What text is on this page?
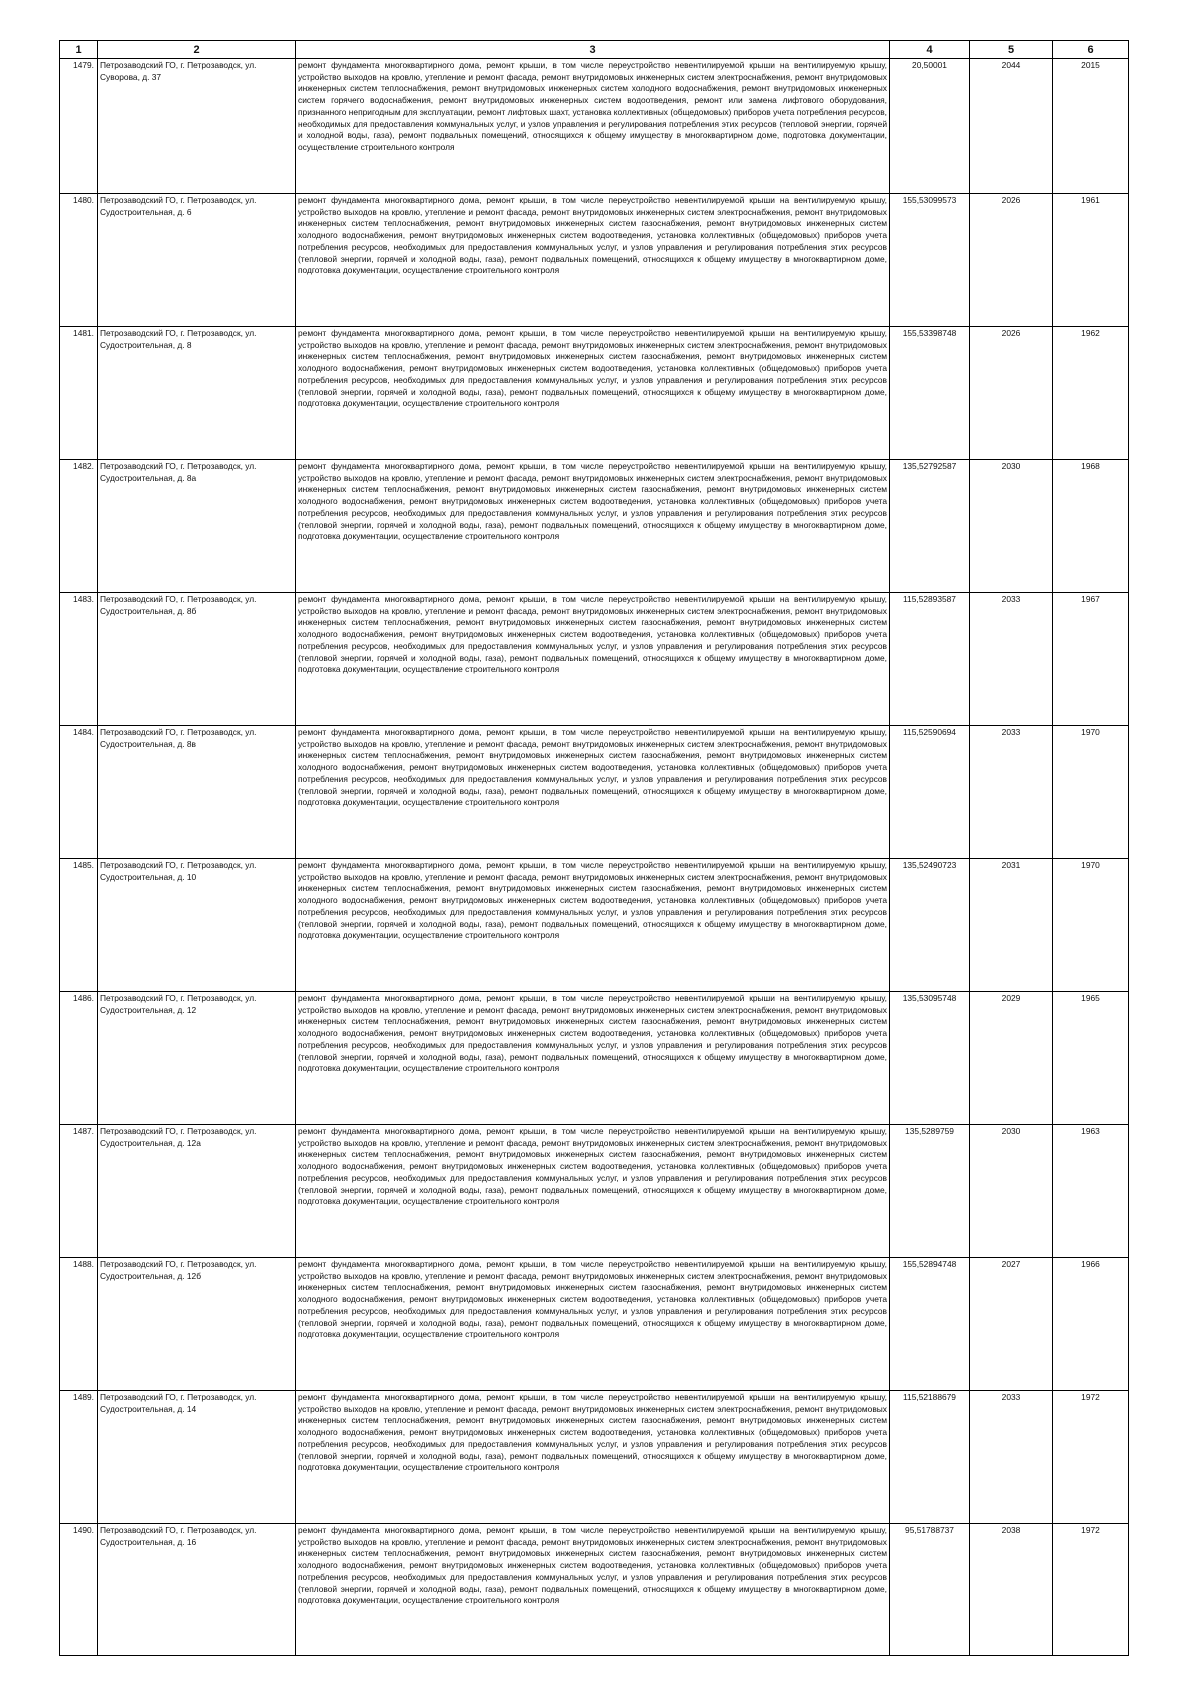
1	2	3	4	5	6
1479.	Петрозаводский ГО, г. Петрозаводск, ул. Суворова, д. 37	ремонт фундамента многоквартирного дома, ремонт крыши, в том числе переустройство невентилируемой крыши на вентилируемую крышу, устройство выходов на кровлю, утепление и ремонт фасада, ремонт внутридомовых инженерных систем электроснабжения, ремонт внутридомовых инженерных систем теплоснабжения, ремонт внутридомовых инженерных систем холодного водоснабжения, ремонт внутридомовых инженерных систем горячего водоснабжения, ремонт внутридомовых инженерных систем водоотведения, ремонт или замена лифтового оборудования, признанного непригодным для эксплуатации, ремонт лифтовых шахт, установка коллективных (общедомовых) приборов учета потребления ресурсов, необходимых для предоставления коммунальных услуг, и узлов управления и регулирования потребления этих ресурсов (тепловой энергии, горячей и холодной воды, газа), ремонт подвальных помещений, относящихся к общему имуществу в многоквартирном доме, подготовка документации, осуществление строительного контроля	20,50001	2044	2015
1480.	Петрозаводский ГО, г. Петрозаводск, ул. Судостроительная, д. 6	ремонт фундамента многоквартирного дома, ремонт крыши, в том числе переустройство невентилируемой крыши на вентилируемую крышу, устройство выходов на кровлю, утепление и ремонт фасада, ремонт внутридомовых инженерных систем электроснабжения, ремонт внутридомовых инженерных систем теплоснабжения, ремонт внутридомовых инженерных систем газоснабжения, ремонт внутридомовых инженерных систем холодного водоснабжения, ремонт внутридомовых инженерных систем водоотведения, установка коллективных (общедомовых) приборов учета потребления ресурсов, необходимых для предоставления коммунальных услуг, и узлов управления и регулирования потребления этих ресурсов (тепловой энергии, горячей и холодной воды, газа), ремонт подвальных помещений, относящихся к общему имуществу в многоквартирном доме, подготовка документации, осуществление строительного контроля	155,53099573	2026	1961
1481.	Петрозаводский ГО, г. Петрозаводск, ул. Судостроительная, д. 8	ремонт фундамента многоквартирного дома, ремонт крыши, в том числе переустройство невентилируемой крыши на вентилируемую крышу, устройство выходов на кровлю, утепление и ремонт фасада, ремонт внутридомовых инженерных систем электроснабжения, ремонт внутридомовых инженерных систем теплоснабжения, ремонт внутридомовых инженерных систем газоснабжения, ремонт внутридомовых инженерных систем холодного водоснабжения, ремонт внутридомовых инженерных систем водоотведения, установка коллективных (общедомовых) приборов учета потребления ресурсов, необходимых для предоставления коммунальных услуг, и узлов управления и регулирования потребления этих ресурсов (тепловой энергии, горячей и холодной воды, газа), ремонт подвальных помещений, относящихся к общему имуществу в многоквартирном доме, подготовка документации, осуществление строительного контроля	155,53398748	2026	1962
1482.	Петрозаводский ГО, г. Петрозаводск, ул. Судостроительная, д. 8а	ремонт фундамента многоквартирного дома, ремонт крыши, в том числе переустройство невентилируемой крыши на вентилируемую крышу, устройство выходов на кровлю, утепление и ремонт фасада, ремонт внутридомовых инженерных систем электроснабжения, ремонт внутридомовых инженерных систем теплоснабжения, ремонт внутридомовых инженерных систем газоснабжения, ремонт внутридомовых инженерных систем холодного водоснабжения, ремонт внутридомовых инженерных систем водоотведения, установка коллективных (общедомовых) приборов учета потребления ресурсов, необходимых для предоставления коммунальных услуг, и узлов управления и регулирования потребления этих ресурсов (тепловой энергии, горячей и холодной воды, газа), ремонт подвальных помещений, относящихся к общему имуществу в многоквартирном доме, подготовка документации, осуществление строительного контроля	135,52792587	2030	1968
1483.	Петрозаводский ГО, г. Петрозаводск, ул. Судостроительная, д. 8б	ремонт фундамента многоквартирного дома, ремонт крыши, в том числе переустройство невентилируемой крыши на вентилируемую крышу, устройство выходов на кровлю, утепление и ремонт фасада, ремонт внутридомовых инженерных систем электроснабжения, ремонт внутридомовых инженерных систем теплоснабжения, ремонт внутридомовых инженерных систем газоснабжения, ремонт внутридомовых инженерных систем холодного водоснабжения, ремонт внутридомовых инженерных систем водоотведения, установка коллективных (общедомовых) приборов учета потребления ресурсов, необходимых для предоставления коммунальных услуг, и узлов управления и регулирования потребления этих ресурсов (тепловой энергии, горячей и холодной воды, газа), ремонт подвальных помещений, относящихся к общему имуществу в многоквартирном доме, подготовка документации, осуществление строительного контроля	115,52893587	2033	1967
1484.	Петрозаводский ГО, г. Петрозаводск, ул. Судостроительная, д. 8в	ремонт фундамента многоквартирного дома, ремонт крыши, в том числе переустройство невентилируемой крыши на вентилируемую крышу, устройство выходов на кровлю, утепление и ремонт фасада, ремонт внутридомовых инженерных систем электроснабжения, ремонт внутридомовых инженерных систем теплоснабжения, ремонт внутридомовых инженерных систем газоснабжения, ремонт внутридомовых инженерных систем холодного водоснабжения, ремонт внутридомовых инженерных систем водоотведения, установка коллективных (общедомовых) приборов учета потребления ресурсов, необходимых для предоставления коммунальных услуг, и узлов управления и регулирования потребления этих ресурсов (тепловой энергии, горячей и холодной воды, газа), ремонт подвальных помещений, относящихся к общему имуществу в многоквартирном доме, подготовка документации, осуществление строительного контроля	115,52590694	2033	1970
1485.	Петрозаводский ГО, г. Петрозаводск, ул. Судостроительная, д. 10	ремонт фундамента многоквартирного дома, ремонт крыши, в том числе переустройство невентилируемой крыши на вентилируемую крышу, устройство выходов на кровлю, утепление и ремонт фасада, ремонт внутридомовых инженерных систем электроснабжения, ремонт внутридомовых инженерных систем теплоснабжения, ремонт внутридомовых инженерных систем газоснабжения, ремонт внутридомовых инженерных систем холодного водоснабжения, ремонт внутридомовых инженерных систем водоотведения, установка коллективных (общедомовых) приборов учета потребления ресурсов, необходимых для предоставления коммунальных услуг, и узлов управления и регулирования потребления этих ресурсов (тепловой энергии, горячей и холодной воды, газа), ремонт подвальных помещений, относящихся к общему имуществу в многоквартирном доме, подготовка документации, осуществление строительного контроля	135,52490723	2031	1970
1486.	Петрозаводский ГО, г. Петрозаводск, ул. Судостроительная, д. 12	ремонт фундамента многоквартирного дома, ремонт крыши, в том числе переустройство невентилируемой крыши на вентилируемую крышу, устройство выходов на кровлю, утепление и ремонт фасада, ремонт внутридомовых инженерных систем электроснабжения, ремонт внутридомовых инженерных систем теплоснабжения, ремонт внутридомовых инженерных систем газоснабжения, ремонт внутридомовых инженерных систем холодного водоснабжения, ремонт внутридомовых инженерных систем водоотведения, установка коллективных (общедомовых) приборов учета потребления ресурсов, необходимых для предоставления коммунальных услуг, и узлов управления и регулирования потребления этих ресурсов (тепловой энергии, горячей и холодной воды, газа), ремонт подвальных помещений, относящихся к общему имуществу в многоквартирном доме, подготовка документации, осуществление строительного контроля	135,53095748	2029	1965
1487.	Петрозаводский ГО, г. Петрозаводск, ул. Судостроительная, д. 12а	ремонт фундамента многоквартирного дома, ремонт крыши, в том числе переустройство невентилируемой крыши на вентилируемую крышу, устройство выходов на кровлю, утепление и ремонт фасада, ремонт внутридомовых инженерных систем электроснабжения, ремонт внутридомовых инженерных систем теплоснабжения, ремонт внутридомовых инженерных систем газоснабжения, ремонт внутридомовых инженерных систем холодного водоснабжения, ремонт внутридомовых инженерных систем водоотведения, установка коллективных (общедомовых) приборов учета потребления ресурсов, необходимых для предоставления коммунальных услуг, и узлов управления и регулирования потребления этих ресурсов (тепловой энергии, горячей и холодной воды, газа), ремонт подвальных помещений, относящихся к общему имуществу в многоквартирном доме, подготовка документации, осуществление строительного контроля	135,5289759	2030	1963
1488.	Петрозаводский ГО, г. Петрозаводск, ул. Судостроительная, д. 12б	ремонт фундамента многоквартирного дома, ремонт крыши, в том числе переустройство невентилируемой крыши на вентилируемую крышу, устройство выходов на кровлю, утепление и ремонт фасада, ремонт внутридомовых инженерных систем электроснабжения, ремонт внутридомовых инженерных систем теплоснабжения, ремонт внутридомовых инженерных систем газоснабжения, ремонт внутридомовых инженерных систем холодного водоснабжения, ремонт внутридомовых инженерных систем водоотведения, установка коллективных (общедомовых) приборов учета потребления ресурсов, необходимых для предоставления коммунальных услуг, и узлов управления и регулирования потребления этих ресурсов (тепловой энергии, горячей и холодной воды, газа), ремонт подвальных помещений, относящихся к общему имуществу в многоквартирном доме, подготовка документации, осуществление строительного контроля	155,52894748	2027	1966
1489.	Петрозаводский ГО, г. Петрозаводск, ул. Судостроительная, д. 14	ремонт фундамента многоквартирного дома, ремонт крыши, в том числе переустройство невентилируемой крыши на вентилируемую крышу, устройство выходов на кровлю, утепление и ремонт фасада, ремонт внутридомовых инженерных систем электроснабжения, ремонт внутридомовых инженерных систем теплоснабжения, ремонт внутридомовых инженерных систем газоснабжения, ремонт внутридомовых инженерных систем холодного водоснабжения, ремонт внутридомовых инженерных систем водоотведения, установка коллективных (общедомовых) приборов учета потребления ресурсов, необходимых для предоставления коммунальных услуг, и узлов управления и регулирования потребления этих ресурсов (тепловой энергии, горячей и холодной воды, газа), ремонт подвальных помещений, относящихся к общему имуществу в многоквартирном доме, подготовка документации, осуществление строительного контроля	115,52188679	2033	1972
1490.	Петрозаводский ГО, г. Петрозаводск, ул. Судостроительная, д. 16	ремонт фундамента многоквартирного дома, ремонт крыши, в том числе переустройство невентилируемой крыши на вентилируемую крышу, устройство выходов на кровлю, утепление и ремонт фасада, ремонт внутридомовых инженерных систем электроснабжения, ремонт внутридомовых инженерных систем теплоснабжения, ремонт внутридомовых инженерных систем газоснабжения, ремонт внутридомовых инженерных систем холодного водоснабжения, ремонт внутридомовых инженерных систем водоотведения, установка коллективных (общедомовых) приборов учета потребления ресурсов, необходимых для предоставления коммунальных услуг, и узлов управления и регулирования потребления этих ресурсов (тепловой энергии, горячей и холодной воды, газа), ремонт подвальных помещений, относящихся к общему имуществу в многоквартирном доме, подготовка документации, осуществление строительного контроля	95,51788737	2038	1972
